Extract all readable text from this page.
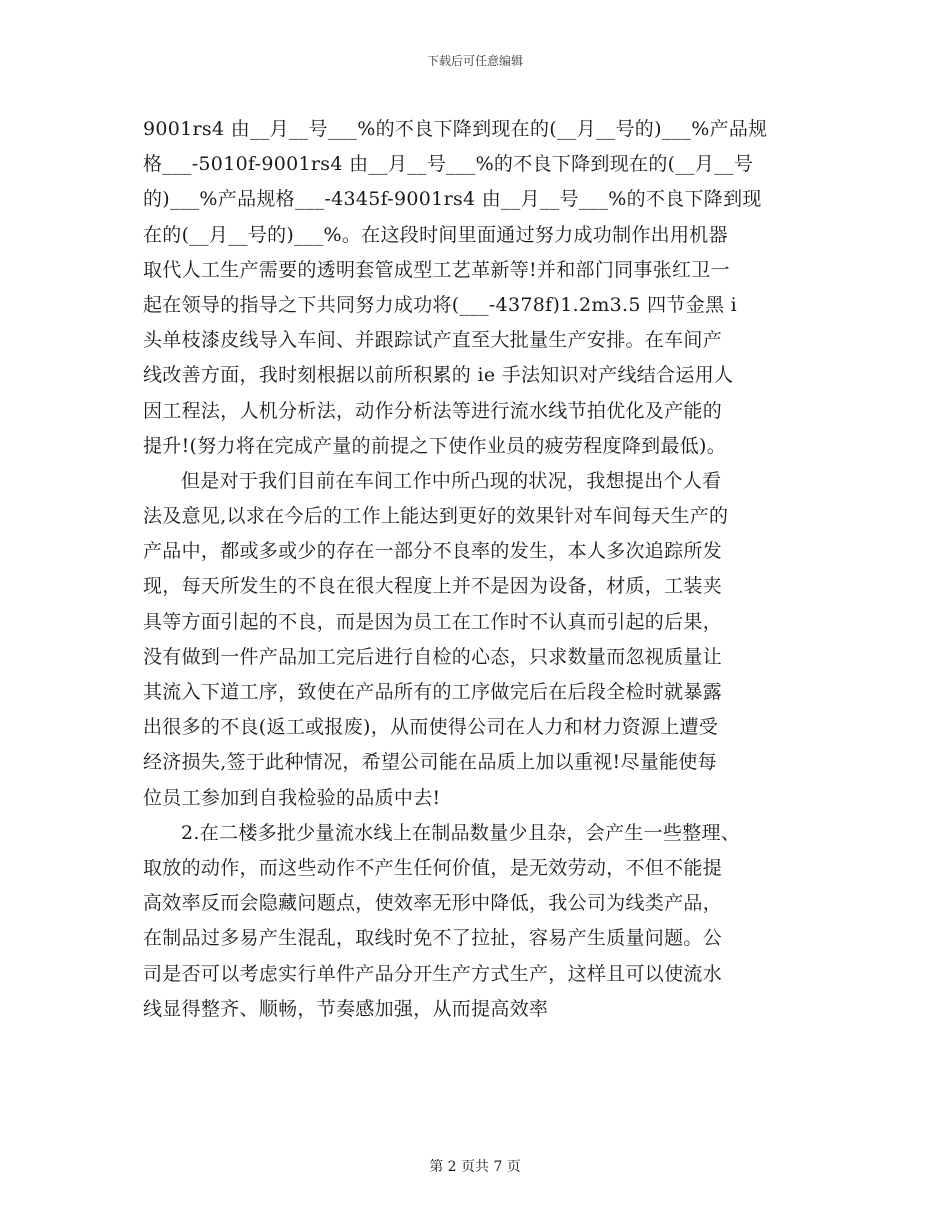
下载后可任意编辑
9001rs4 由__月__号___%的不良下降到现在的(__月__号的)___%产品规
格___-5010f-9001rs4 由__月__号___%的不良下降到现在的(__月__号
的)___%产品规格___-4345f-9001rs4 由__月__号___%的不良下降到现
在的(__月__号的)___%。在这段时间里面通过努力成功制作出用机器
取代人工生产需要的透明套管成型工艺革新等!并和部门同事张红卫一
起在领导的指导之下共同努力成功将(___-4378f)1.2m3.5 四节金黑 i
头单枝漆皮线导入车间、并跟踪试产直至大批量生产安排。在车间产
线改善方面，我时刻根据以前所积累的 ie 手法知识对产线结合运用人
因工程法，人机分析法，动作分析法等进行流水线节拍优化及产能的
提升!(努力将在完成产量的前提之下使作业员的疲劳程度降到最低)。
但是对于我们目前在车间工作中所凸现的状况，我想提出个人看
法及意见,以求在今后的工作上能达到更好的效果针对车间每天生产的
产品中，都或多或少的存在一部分不良率的发生，本人多次追踪所发
现，每天所发生的不良在很大程度上并不是因为设备，材质，工装夹
具等方面引起的不良，而是因为员工在工作时不认真而引起的后果，
没有做到一件产品加工完后进行自检的心态，只求数量而忽视质量让
其流入下道工序，致使在产品所有的工序做完后在后段全检时就暴露
出很多的不良(返工或报废)，从而使得公司在人力和材力资源上遭受
经济损失,签于此种情况，希望公司能在品质上加以重视!尽量能使每
位员工参加到自我检验的品质中去!
2.在二楼多批少量流水线上在制品数量少且杂，会产生一些整理、
取放的动作，而这些动作不产生任何价值，是无效劳动，不但不能提
高效率反而会隐藏问题点，使效率无形中降低，我公司为线类产品，
在制品过多易产生混乱，取线时免不了拉扯，容易产生质量问题。公
司是否可以考虑实行单件产品分开生产方式生产，这样且可以使流水
线显得整齐、顺畅，节奏感加强，从而提高效率
第 2 页共 7 页
